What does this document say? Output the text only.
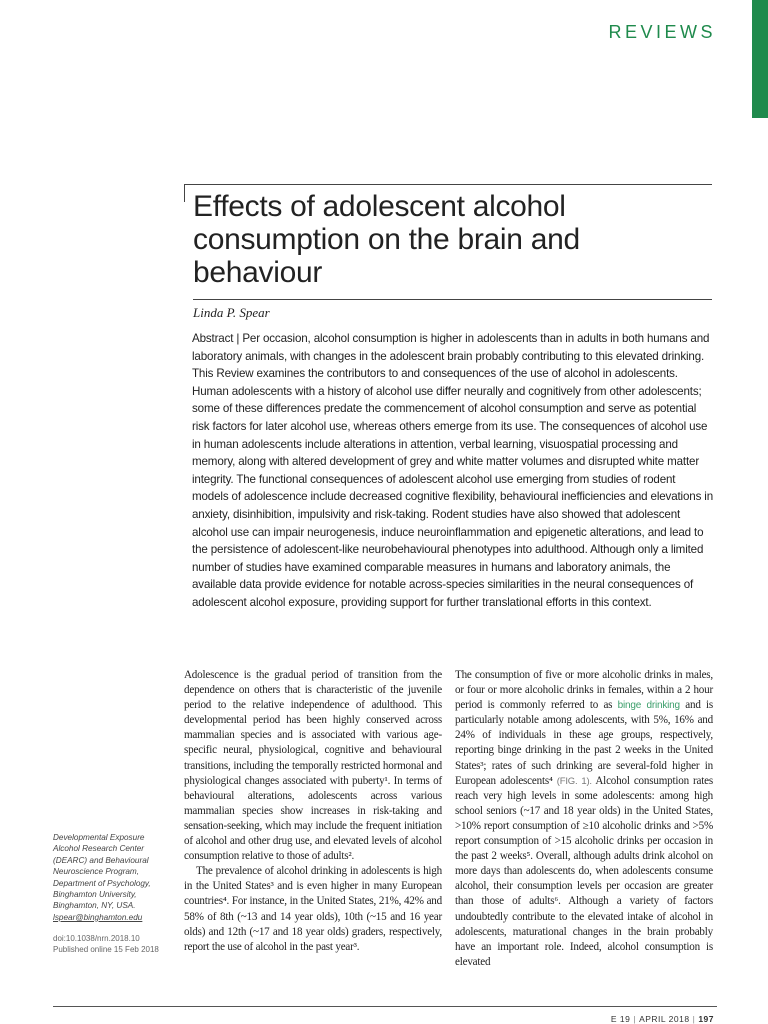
REVIEWS
Effects of adolescent alcohol consumption on the brain and behaviour
Linda P. Spear

Abstract | Per occasion, alcohol consumption is higher in adolescents than in adults in both humans and laboratory animals, with changes in the adolescent brain probably contributing to this elevated drinking. This Review examines the contributors to and consequences of the use of alcohol in adolescents. Human adolescents with a history of alcohol use differ neurally and cognitively from other adolescents; some of these differences predate the commencement of alcohol consumption and serve as potential risk factors for later alcohol use, whereas others emerge from its use. The consequences of alcohol use in human adolescents include alterations in attention, verbal learning, visuospatial processing and memory, along with altered development of grey and white matter volumes and disrupted white matter integrity. The functional consequences of adolescent alcohol use emerging from studies of rodent models of adolescence include decreased cognitive flexibility, behavioural inefficiencies and elevations in anxiety, disinhibition, impulsivity and risk-taking. Rodent studies have also showed that adolescent alcohol use can impair neurogenesis, induce neuroinflammation and epigenetic alterations, and lead to the persistence of adolescent-like neurobehavioural phenotypes into adulthood. Although only a limited number of studies have examined comparable measures in humans and laboratory animals, the available data provide evidence for notable across-species similarities in the neural consequences of adolescent alcohol exposure, providing support for further translational efforts in this context.

Adolescence is the gradual period of transition from the dependence on others that is characteristic of the juvenile period to the relative independence of adulthood. This developmental period has been highly conserved across mammalian species and is associated with various age-specific neural, physiological, cognitive and behavioural transitions, including the temporally restricted hormonal and physiological changes associated with puberty¹. In terms of behavioural alterations, adolescents across various mammalian species show increases in risk-taking and sensation-seeking, which may include the frequent initiation of alcohol and other drug use, and elevated levels of alcohol consumption relative to those of adults².

The prevalence of alcohol drinking in adolescents is high in the United States³ and is even higher in many European countries⁴. For instance, in the United States, 21%, 42% and 58% of 8th (~13 and 14 year olds), 10th (~15 and 16 year olds) and 12th (~17 and 18 year olds) graders, respectively, report the use of alcohol in the past year³.

The consumption of five or more alcoholic drinks in males, or four or more alcoholic drinks in females, within a 2 hour period is commonly referred to as binge drinking and is particularly notable among adolescents, with 5%, 16% and 24% of individuals in these age groups, respectively, reporting binge drinking in the past 2 weeks in the United States³; rates of such drinking are several-fold higher in European adolescents⁴ (FIG. 1). Alcohol consumption rates reach very high levels in some adolescents: among high school seniors (~17 and 18 year olds) in the United States, >10% report consumption of ≥10 alcoholic drinks and >5% report consumption of >15 alcoholic drinks per occasion in the past 2 weeks⁵. Overall, although adults drink alcohol on more days than adolescents do, when adolescents consume alcohol, their consumption levels per occasion are greater than those of adults⁶. Although a variety of factors undoubtedly contribute to the elevated intake of alcohol in adolescents, maturational changes in the brain probably have an important role. Indeed, alcohol consumption is elevated

Developmental Exposure
Alcohol Research Center
(DEARC) and Behavioural
Neuroscience Program,
Department of Psychology,
Binghamton University,
Binghamton, NY, USA.
lspear@binghamton.edu
doi:10.1038/nrn.2018.10
Published online 15 Feb 2018
E 19 | APRIL 2018 | 197
